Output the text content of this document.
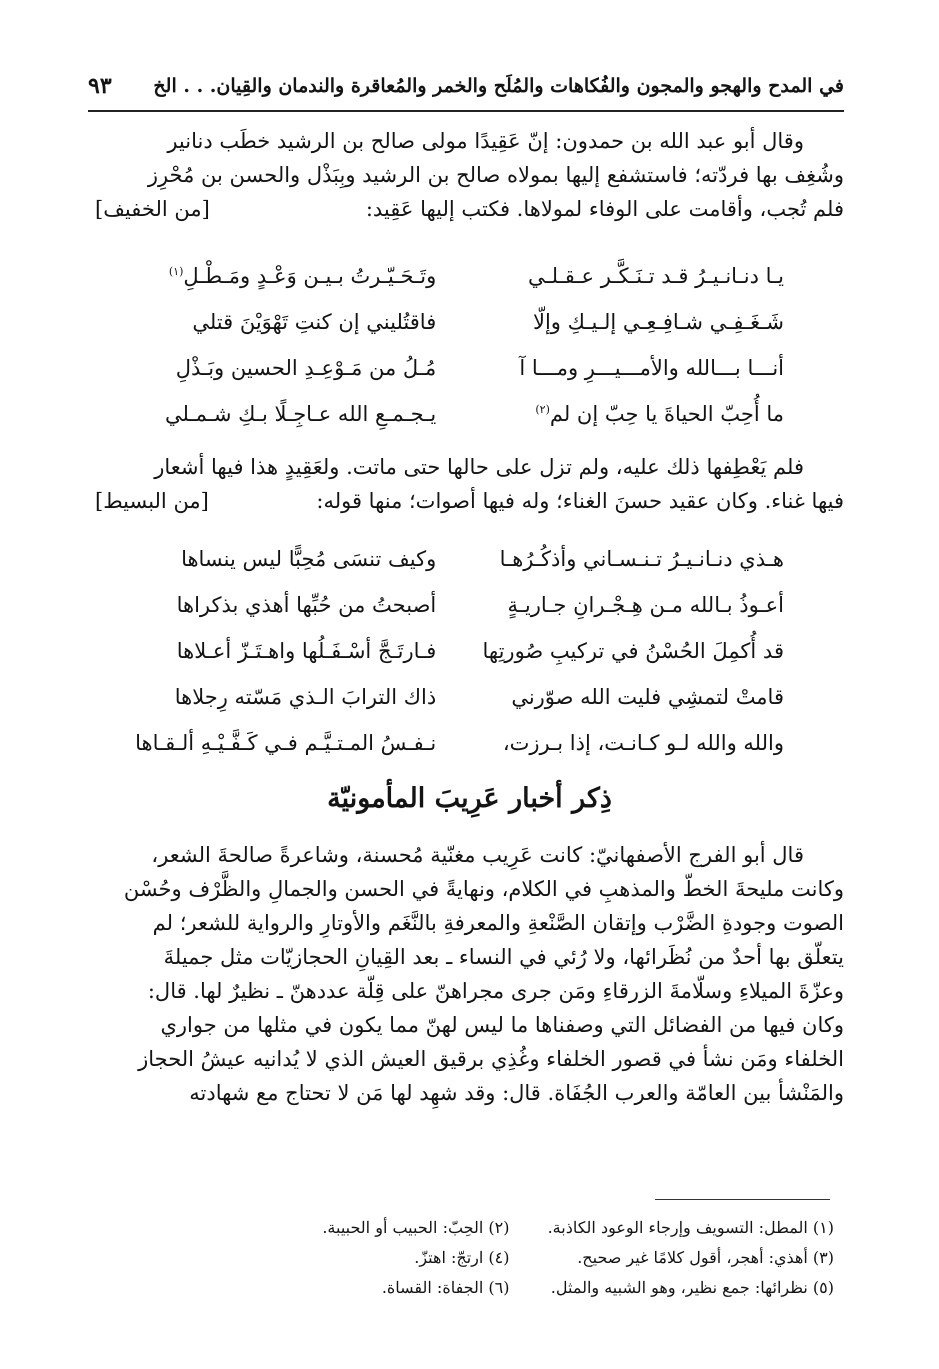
في المدح والهجو والمجون والفُكاهات والمُلَح والخمر والمُعاقرة والندمان والقِيان. . . الخ
٩٣
وقال أبو عبد الله بن حمدون: إنّ عَقِيدًا مولى صالح بن الرشيد خطَب دنانير
وشُغِف بها فردّته؛ فاستشفع إليها بمولاه صالح بن الرشيد وبِبَذْل والحسن بن مُحْرِز
فلم تُجب، وأقامت على الوفاء لمولاها. فكتب إليها عَقِيد:
[من الخفيف]
يـا دنـانـيـرُ قـد تـنَـكَّـر عـقـلـي
وتَـحَـيّـرتُ بـيـن وَعْـدٍ ومَـطْـلِ$^{(١)}$
شَـغَـفِـي شـافِـعِـي إلـيـكِ وإلّا
فاقتُليني إن كنتِ تَهْوَيْنَ قتلي
أنـــا بـــالله والأمـــيـــرِ ومـــا آ
مُـلُ من مَـوْعِـدِ الحسين وبَـذْلِ
ما أُحِبّ الحياةَ يا حِبّ إن لم$^{(٢)}$
يـجـمـعِ الله عـاجِـلًا بـكِ شـمـلي
فلم يَعْطِفها ذلك عليه، ولم تزل على حالها حتى ماتت. ولعَقِيدٍ هذا فيها أشعار
فيها غناء. وكان عقيد حسنَ الغناء؛ وله فيها أصوات؛ منها قوله:
[من البسيط]
هـذي دنـانـيـرُ تـنـسـاني وأذكُـرُهـا
وكيف تنسَى مُحِبًّا ليس ينساها
أعـوذُ بـالله مـن هِـجْـرانِ جـاريـةٍ
أصبحتُ من حُبِّها أهذي بذكراها
قد أُكمِلَ الحُسْنُ في تركيبِ صُورتِها
فـارتَـجَّ أسْـفَـلُها واهـتَـزّ أعـلاها
قامتْ لتمشِي فليت الله صوّرني
ذاك الترابَ الـذي مَسّته رِجلاها
والله والله لـو كـانـت، إذا بـرزت،
نـفـسُ المـتـيَّـم فـي كَـفَّـيْـهِ ألـقـاها
ذِكر أخبار عَرِيبَ المأمونيّة
قال أبو الفرج الأصفهانيّ: كانت عَرِيب مغنّية مُحسنة، وشاعرةً صالحةَ الشعر،
وكانت مليحةَ الخطّ والمذهبِ في الكلام، ونهايةً في الحسن والجمالِ والظَّرْف وحُسْن
الصوت وجودةِ الضَّرْب وإتقان الصَّنْعةِ والمعرفةِ بالنَّغَم والأوتارِ والرواية للشعر؛ لم
يتعلّق بها أحدٌ من نُظَرائها، ولا رُئي في النساء ـ بعد القِيانِ الحجازيّات مثل جميلةَ
وعزّةَ الميلاءِ وسلّامةَ الزرقاءِ ومَن جرى مجراهنّ على قِلّة عددهنّ ـ نظيرٌ لها. قال:
وكان فيها من الفضائل التي وصفناها ما ليس لهنّ مما يكون في مثلها من جواري
الخلفاء ومَن نشأ في قصور الخلفاء وغُذِي برقيق العيش الذي لا يُدانيه عيشُ الحجاز
والمَنْشأ بين العامّة والعرب الجُفَاة. قال: وقد شهِد لها مَن لا تحتاج مع شهادته
(١) المطل: التسويف وإرجاء الوعود الكاذبة.
(٢) الحِبّ: الحبيب أو الحبيبة.
(٣) أهذي: أهجر، أقول كلامًا غير صحيح.
(٤) ارتجّ: اهتزّ.
(٥) نظرائها: جمع نظير، وهو الشبيه والمثل.
(٦) الجفاة: القساة.
